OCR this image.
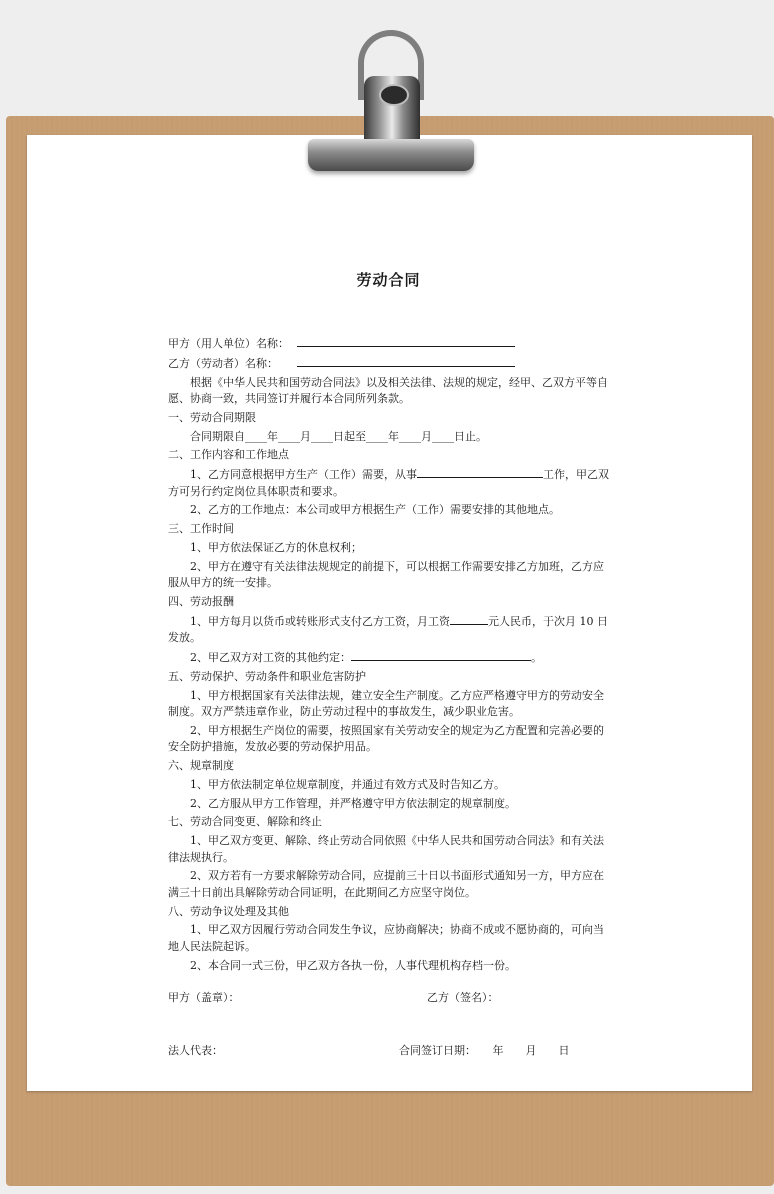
劳动合同
甲方（用人单位）名称：
乙方（劳动者）名称：
根据《中华人民共和国劳动合同法》以及相关法律、法规的规定，经甲、乙双方平等自愿、协商一致，共同签订并履行本合同所列条款。
一、劳动合同期限
合同期限自____年____月____日起至____年____月____日止。
二、工作内容和工作地点
1、乙方同意根据甲方生产（工作）需要，从事	工作，甲乙双方可另行约定岗位具体职责和要求。
2、乙方的工作地点：本公司或甲方根据生产（工作）需要安排的其他地点。
三、工作时间
1、甲方依法保证乙方的休息权利；
2、甲方在遵守有关法律法规规定的前提下，可以根据工作需要安排乙方加班，乙方应服从甲方的统一安排。
四、劳动报酬
1、甲方每月以货币或转账形式支付乙方工资，月工资	元人民币，于次月 10 日发放。
2、甲乙双方对工资的其他约定：	。
五、劳动保护、劳动条件和职业危害防护
1、甲方根据国家有关法律法规，建立安全生产制度。乙方应严格遵守甲方的劳动安全制度。双方严禁违章作业，防止劳动过程中的事故发生，减少职业危害。
2、甲方根据生产岗位的需要，按照国家有关劳动安全的规定为乙方配置和完善必要的安全防护措施，发放必要的劳动保护用品。
六、规章制度
1、甲方依法制定单位规章制度，并通过有效方式及时告知乙方。
2、乙方服从甲方工作管理，并严格遵守甲方依法制定的规章制度。
七、劳动合同变更、解除和终止
1、甲乙双方变更、解除、终止劳动合同依照《中华人民共和国劳动合同法》和有关法律法规执行。
2、双方若有一方要求解除劳动合同，应提前三十日以书面形式通知另一方，甲方应在满三十日前出具解除劳动合同证明，在此期间乙方应坚守岗位。
八、劳动争议处理及其他
1、甲乙双方因履行劳动合同发生争议，应协商解决；协商不成或不愿协商的，可向当地人民法院起诉。
2、本合同一式三份，甲乙双方各执一份，人事代理机构存档一份。
甲方（盖章）：	乙方（签名）：
法人代表：	合同签订日期：　　年　　月　　日
